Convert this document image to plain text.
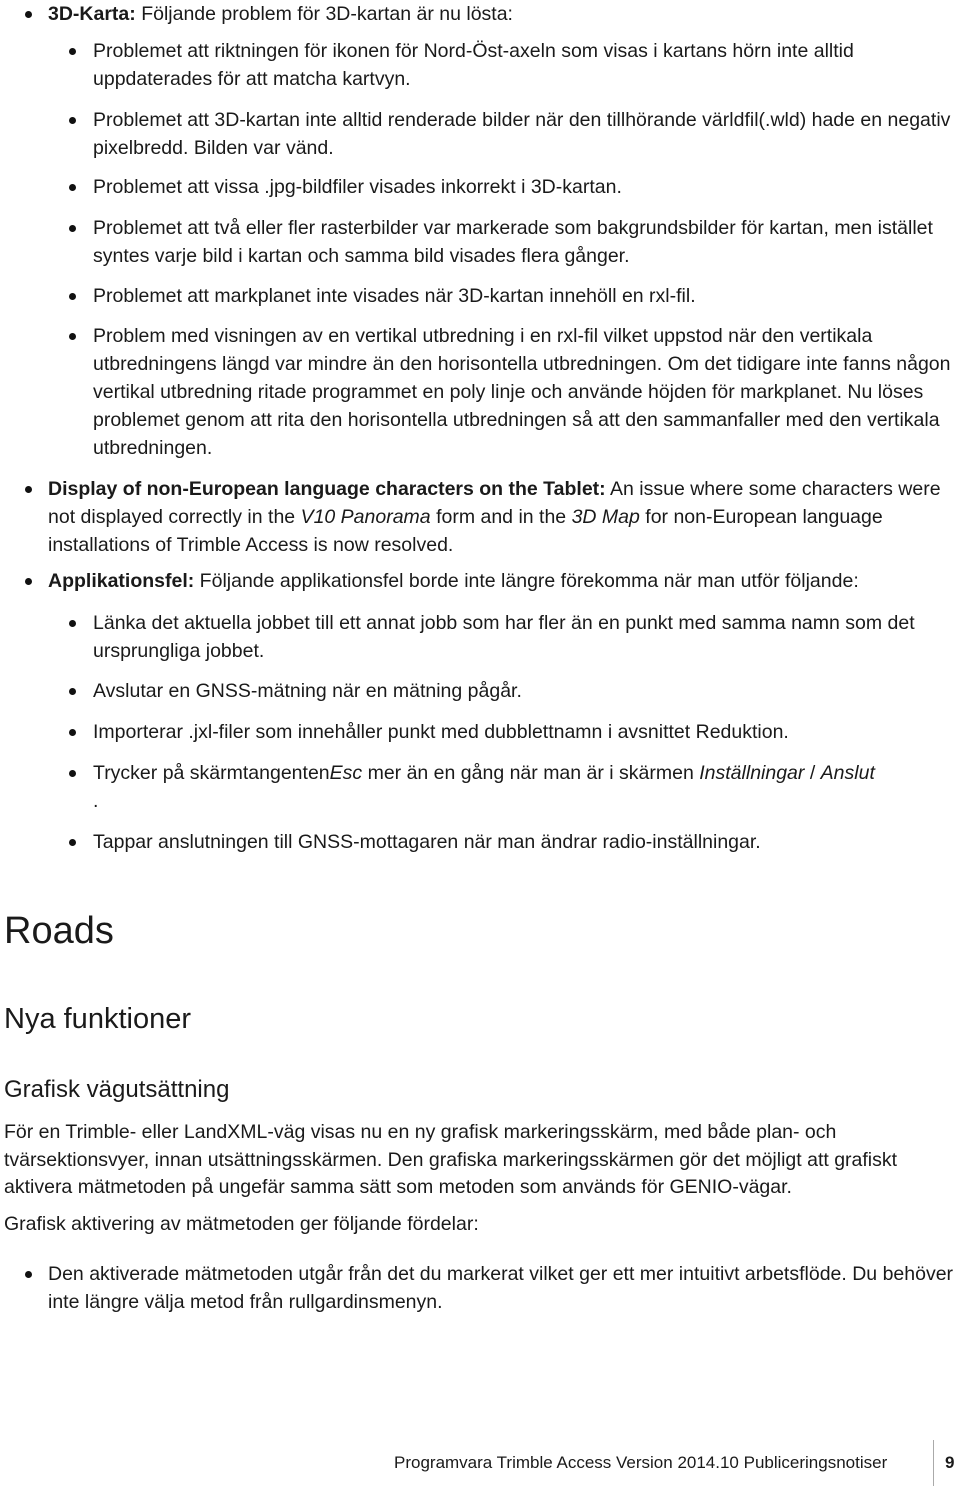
3D-Karta: Följande problem för 3D-kartan är nu lösta:
Problemet att riktningen för ikonen för Nord-Öst-axeln som visas i kartans hörn inte alltid uppdaterades för att matcha kartvyn.
Problemet att 3D-kartan inte alltid renderade bilder när den tillhörande världfil(.wld) hade en negativ pixelbredd. Bilden var vänd.
Problemet att vissa .jpg-bildfiler visades inkorrekt i 3D-kartan.
Problemet att två eller fler rasterbilder var markerade som bakgrundsbilder för kartan, men istället syntes varje bild i kartan och samma bild visades flera gånger.
Problemet att markplanet inte visades när 3D-kartan innehöll en rxl-fil.
Problem med visningen av en vertikal utbredning i en rxl-fil vilket uppstod när den vertikala utbredningens längd var mindre än den horisontella utbredningen. Om det tidigare inte fanns någon vertikal utbredning ritade programmet en poly linje och använde höjden för markplanet. Nu löses problemet genom att rita den horisontella utbredningen så att den sammanfaller med den vertikala utbredningen.
Display of non-European language characters on the Tablet: An issue where some characters were not displayed correctly in the V10 Panorama form and in the 3D Map for non-European language installations of Trimble Access is now resolved.
Applikationsfel: Följande applikationsfel borde inte längre förekomma när man utför följande:
Länka det aktuella jobbet till ett annat jobb som har fler än en punkt med samma namn som det ursprungliga jobbet.
Avslutar en GNSS-mätning när en mätning pågår.
Importerar .jxl-filer som innehåller punkt med dubblettnamn i avsnittet Reduktion.
Trycker på skärmtangentenEsc mer än en gång när man är i skärmen Inställningar / Anslut
.
Tappar anslutningen till GNSS-mottagaren när man ändrar radio-inställningar.
Roads
Nya funktioner
Grafisk vägutsättning

För en Trimble- eller LandXML-väg visas nu en ny grafisk markeringsskärm, med både plan- och tvärsektionsvyer, innan utsättningsskärmen. Den grafiska markeringsskärmen gör det möjligt att grafiskt aktivera mätmetoden på ungefär samma sätt som metoden som används för GENIO-vägar.

Grafisk aktivering av mätmetoden ger följande fördelar:

Den aktiverade mätmetoden utgår från det du markerat vilket ger ett mer intuitivt arbetsflöde. Du behöver inte längre välja metod från rullgardinsmenyn.
Programvara Trimble Access Version 2014.10 Publiceringsnotiser	9
